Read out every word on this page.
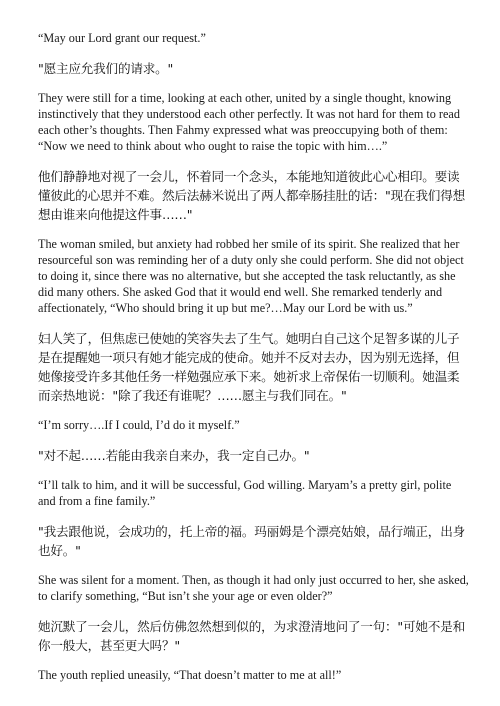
“May our Lord grant our request.”

"愿主应允我们的请求。"

They were still for a time, looking at each other, united by a single thought, knowing instinctively that they understood each other perfectly. It was not hard for them to read each other’s thoughts. Then Fahmy expressed what was preoccupying both of them: “Now we need to think about who ought to raise the topic with him….”

他们静静地对视了一会儿，怀着同一个念头，本能地知道彼此心心相印。要读懂彼此的心思并不难。然后法赫米说出了两人都牵肠挂肚的话："现在我们得想想由谁来向他提这件事……"

The woman smiled, but anxiety had robbed her smile of its spirit. She realized that her resourceful son was reminding her of a duty only she could perform. She did not object to doing it, since there was no alternative, but she accepted the task reluctantly, as she did many others. She asked God that it would end well. She remarked tenderly and affectionately, “Who should bring it up but me?…May our Lord be with us.”

妇人笑了，但焦虑已使她的笑容失去了生气。她明白自己这个足智多谋的儿子是在提醒她一项只有她才能完成的使命。她并不反对去办，因为别无选择，但她像接受许多其他任务一样勉强应承下来。她祈求上帝保佑一切顺利。她温柔而亲热地说："除了我还有谁呢？……愿主与我们同在。"

“I’m sorry….If I could, I’d do it myself.”

"对不起……若能由我亲自来办，我一定自己办。"

“I’ll talk to him, and it will be successful, God willing. Maryam’s a pretty girl, polite and from a fine family.”

"我去跟他说，会成功的，托上帝的福。玛丽姆是个漂亮姑娘，品行端正，出身也好。"

She was silent for a moment. Then, as though it had only just occurred to her, she asked, to clarify something, “But isn’t she your age or even older?”

她沉默了一会儿，然后仿佛忽然想到似的，为求澄清地问了一句："可她不是和你一般大，甚至更大吗？"

The youth replied uneasily, “That doesn’t matter to me at all!”
